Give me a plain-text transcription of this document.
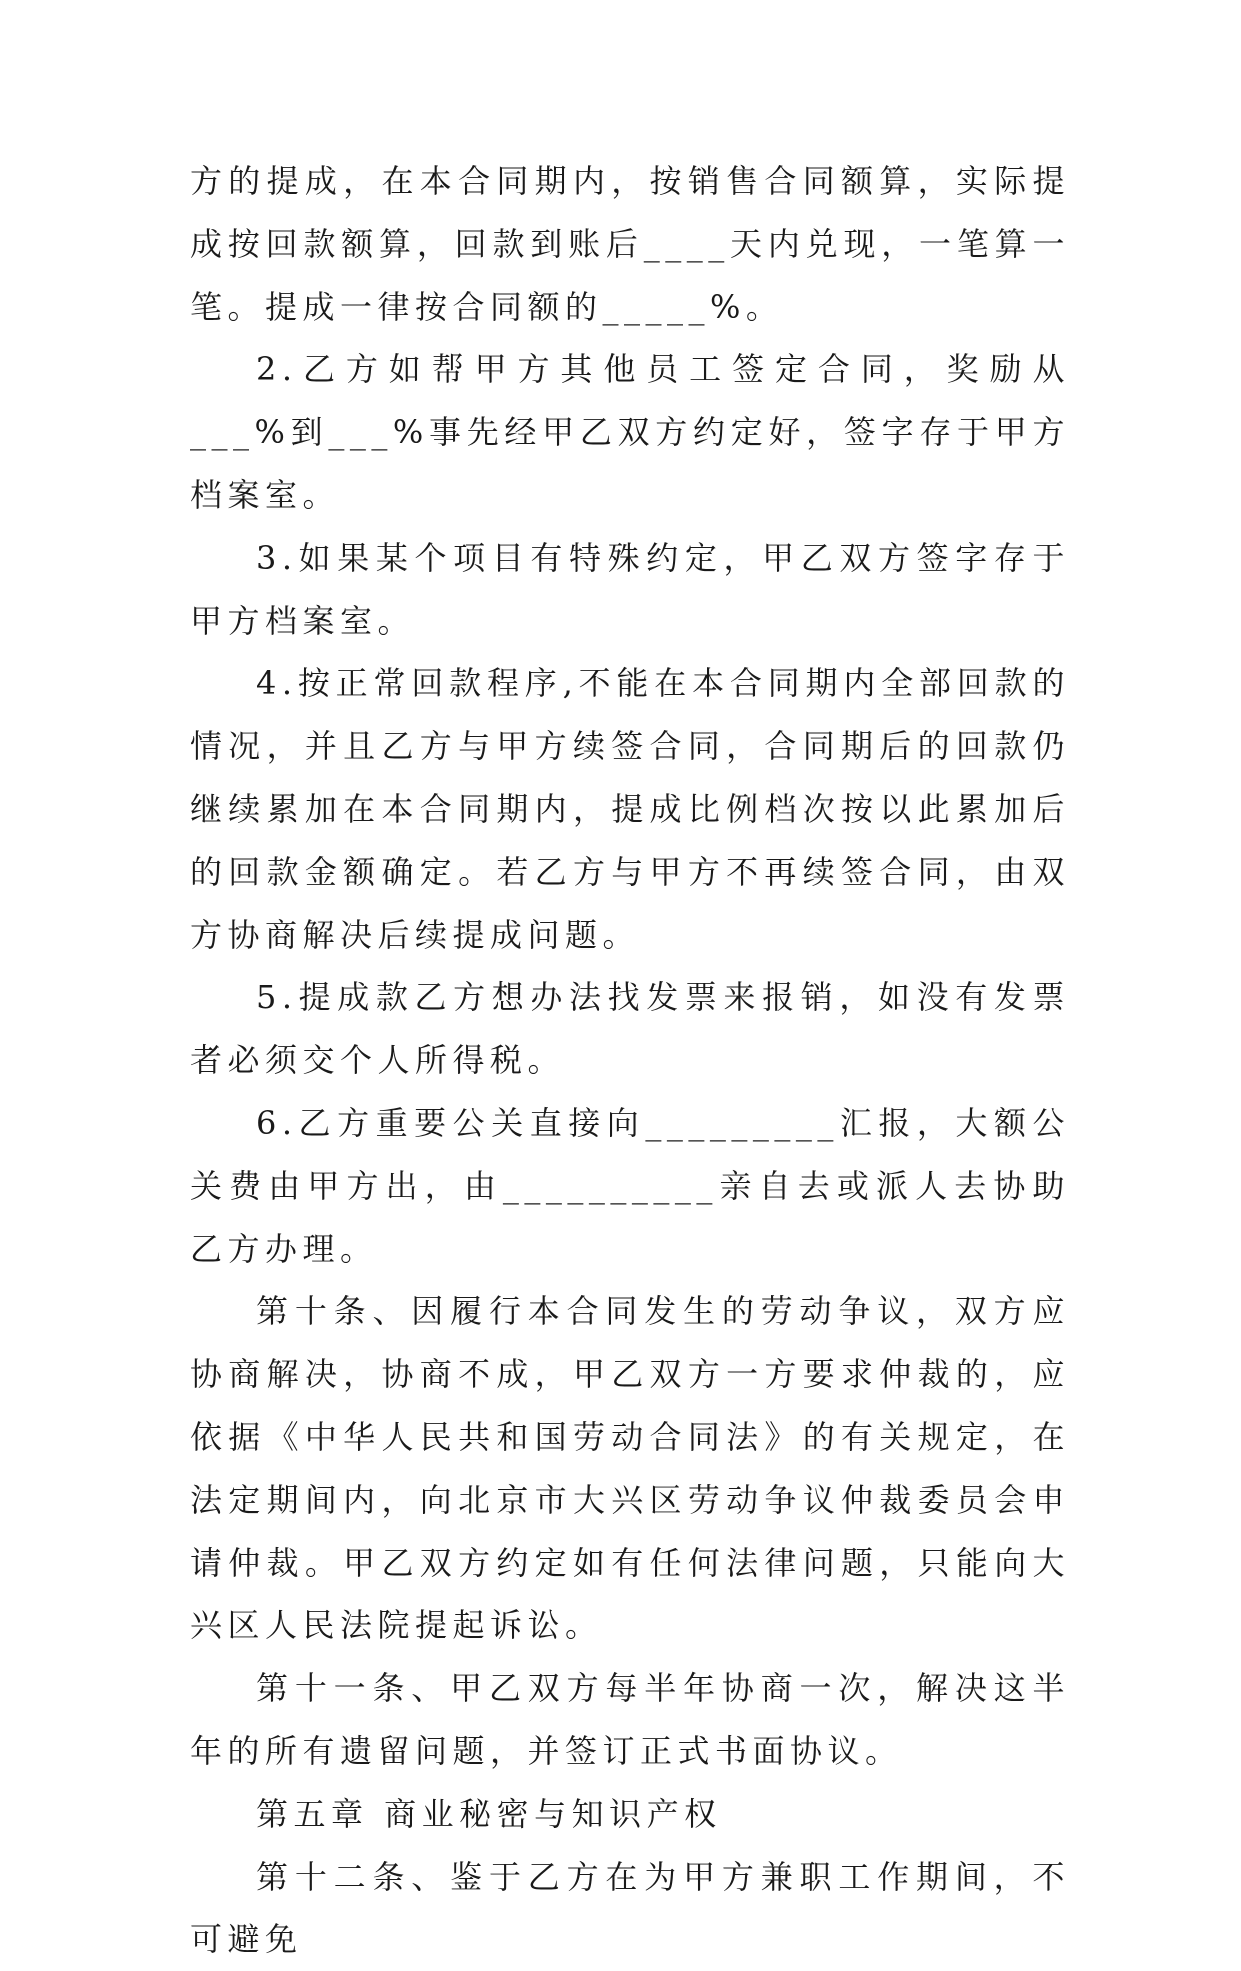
方的提成，在本合同期内，按销售合同额算，实际提成按回款额算，回款到账后____天内兑现，一笔算一笔。提成一律按合同额的_____%。

2.乙方如帮甲方其他员工签定合同，奖励从___%到___%事先经甲乙双方约定好，签字存于甲方档案室。

3.如果某个项目有特殊约定，甲乙双方签字存于甲方档案室。

4.按正常回款程序,不能在本合同期内全部回款的情况，并且乙方与甲方续签合同，合同期后的回款仍继续累加在本合同期内，提成比例档次按以此累加后的回款金额确定。若乙方与甲方不再续签合同，由双方协商解决后续提成问题。

5.提成款乙方想办法找发票来报销，如没有发票者必须交个人所得税。

6.乙方重要公关直接向_________汇报，大额公关费由甲方出，由__________亲自去或派人去协助乙方办理。

第十条、因履行本合同发生的劳动争议，双方应协商解决，协商不成，甲乙双方一方要求仲裁的，应依据《中华人民共和国劳动合同法》的有关规定，在法定期间内，向北京市大兴区劳动争议仲裁委员会申请仲裁。甲乙双方约定如有任何法律问题，只能向大兴区人民法院提起诉讼。

第十一条、甲乙双方每半年协商一次，解决这半年的所有遗留问题，并签订正式书面协议。

第五章 商业秘密与知识产权

第十二条、鉴于乙方在为甲方兼职工作期间，不可避免
